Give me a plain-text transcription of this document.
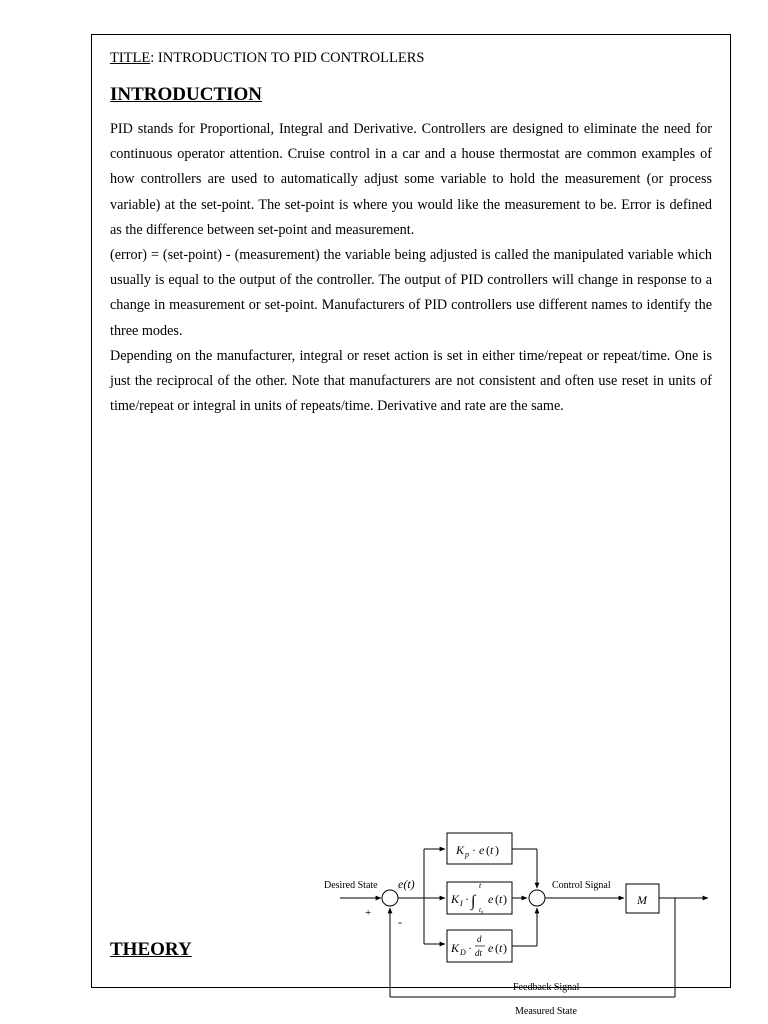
TITLE: INTRODUCTION TO PID CONTROLLERS
INTRODUCTION

PID stands for Proportional, Integral and Derivative. Controllers are designed to eliminate the need for continuous operator attention. Cruise control in a car and a house thermostat are common examples of how controllers are used to automatically adjust some variable to hold the measurement (or process variable) at the set-point. The set-point is where you would like the measurement to be. Error is defined as the difference between set-point and measurement.

(error) = (set-point) - (measurement) the variable being adjusted is called the manipulated variable which usually is equal to the output of the controller. The output of PID controllers will change in response to a change in measurement or set-point. Manufacturers of PID controllers use different names to identify the three modes.

Depending on the manufacturer, integral or reset action is set in either time/repeat or repeat/time. One is just the reciprocal of the other. Note that manufacturers are not consistent and often use reset in units of time/repeat or integral in units of repeats/time. Derivative and rate are the same.

THEORY
Desired State e(t)
+
-
Control Signal
M
Feedback Signal
Measured State
K p · e ( t )
K I · ∫
t
t₀
e ( t )
K D ·
d
dt e ( t )
